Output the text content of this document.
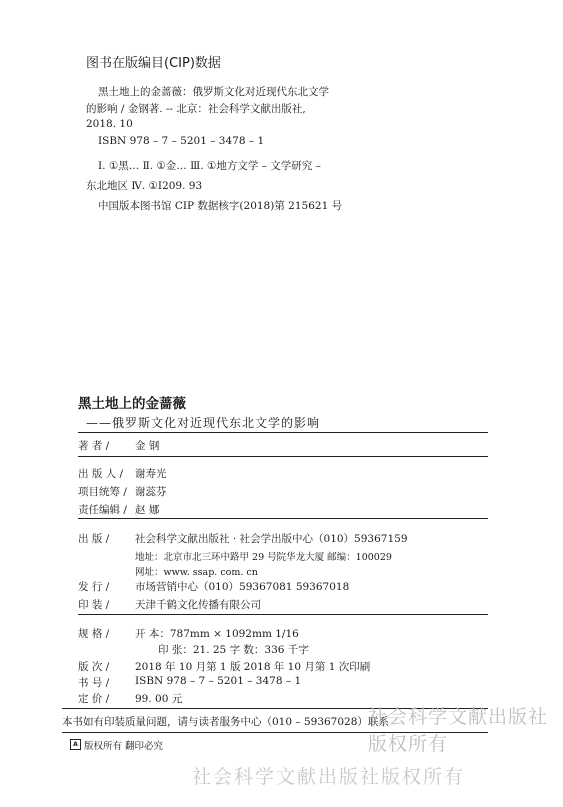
图书在版编目(CIP)数据
黑土地上的金蔷薇：俄罗斯文化对近现代东北文学
的影响 / 金钢著. -- 北京：社会科学文献出版社,
2018. 10
ISBN 978 – 7 – 5201 – 3478 – 1
Ⅰ. ①黑… Ⅱ. ①金… Ⅲ. ①地方文学 – 文学研究 –
东北地区 Ⅳ. ①I209. 93
中国版本图书馆 CIP 数据核字(2018)第 215621 号
黑土地上的金蔷薇
——俄罗斯文化对近现代东北文学的影响
著 者 / 金 钢
出 版 人 / 谢寿光
项目统筹 / 谢蕊芬
责任编辑 / 赵 娜
出 版 / 社会科学文献出版社 · 社会学出版中心（010）59367159
地址：北京市北三环中路甲 29 号院华龙大厦 邮编：100029
网址：www. ssap. com. cn
发 行 / 市场营销中心（010）59367081 59367018
印 装 / 天津千鹤文化传播有限公司
规 格 / 开 本：787mm × 1092mm 1/16
印 张：21. 25 字 数：336 千字
版 次 / 2018 年 10 月第 1 版 2018 年 10 月第 1 次印刷
书 号 / ISBN 978 – 7 – 5201 – 3478 – 1
定 价 / 99. 00 元
本书如有印装质量问题，请与读者服务中心（010 – 59367028）联系
A 版权所有 翻印必究
社会科学文献出版社版权所有
社会科学文献出版社版权所有
